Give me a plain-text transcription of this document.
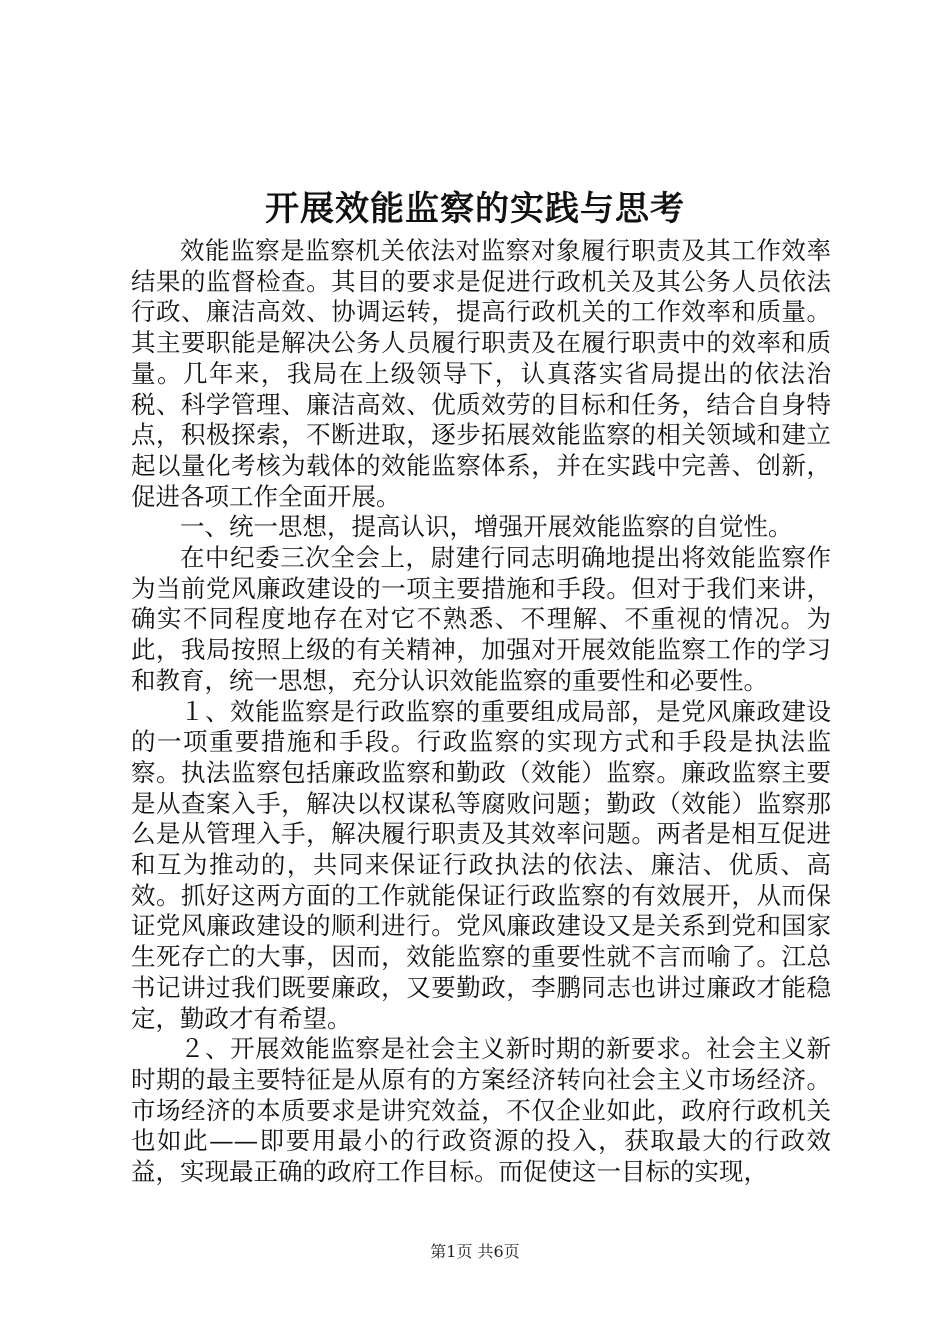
开展效能监察的实践与思考

效能监察是监察机关依法对监察对象履行职责及其工作效率结果的监督检查。其目的要求是促进行政机关及其公务人员依法行政、廉洁高效、协调运转，提高行政机关的工作效率和质量。其主要职能是解决公务人员履行职责及在履行职责中的效率和质量。几年来，我局在上级领导下，认真落实省局提出的依法治税、科学管理、廉洁高效、优质效劳的目标和任务，结合自身特点，积极探索，不断进取，逐步拓展效能监察的相关领域和建立起以量化考核为载体的效能监察体系，并在实践中完善、创新，促进各项工作全面开展。

一、统一思想，提高认识，增强开展效能监察的自觉性。

在中纪委三次全会上，尉建行同志明确地提出将效能监察作为当前党风廉政建设的一项主要措施和手段。但对于我们来讲，确实不同程度地存在对它不熟悉、不理解、不重视的情况。为此，我局按照上级的有关精神，加强对开展效能监察工作的学习和教育，统一思想，充分认识效能监察的重要性和必要性。

１、效能监察是行政监察的重要组成局部，是党风廉政建设的一项重要措施和手段。行政监察的实现方式和手段是执法监察。执法监察包括廉政监察和勤政（效能）监察。廉政监察主要是从查案入手，解决以权谋私等腐败问题；勤政（效能）监察那么是从管理入手，解决履行职责及其效率问题。两者是相互促进和互为推动的，共同来保证行政执法的依法、廉洁、优质、高效。抓好这两方面的工作就能保证行政监察的有效展开，从而保证党风廉政建设的顺利进行。党风廉政建设又是关系到党和国家生死存亡的大事，因而，效能监察的重要性就不言而喻了。江总书记讲过我们既要廉政，又要勤政，李鹏同志也讲过廉政才能稳定，勤政才有希望。

２、开展效能监察是社会主义新时期的新要求。社会主义新时期的最主要特征是从原有的方案经济转向社会主义市场经济。市场经济的本质要求是讲究效益，不仅企业如此，政府行政机关也如此——即要用最小的行政资源的投入，获取最大的行政效益，实现最正确的政府工作目标。而促使这一目标的实现，

第1页 共6页
